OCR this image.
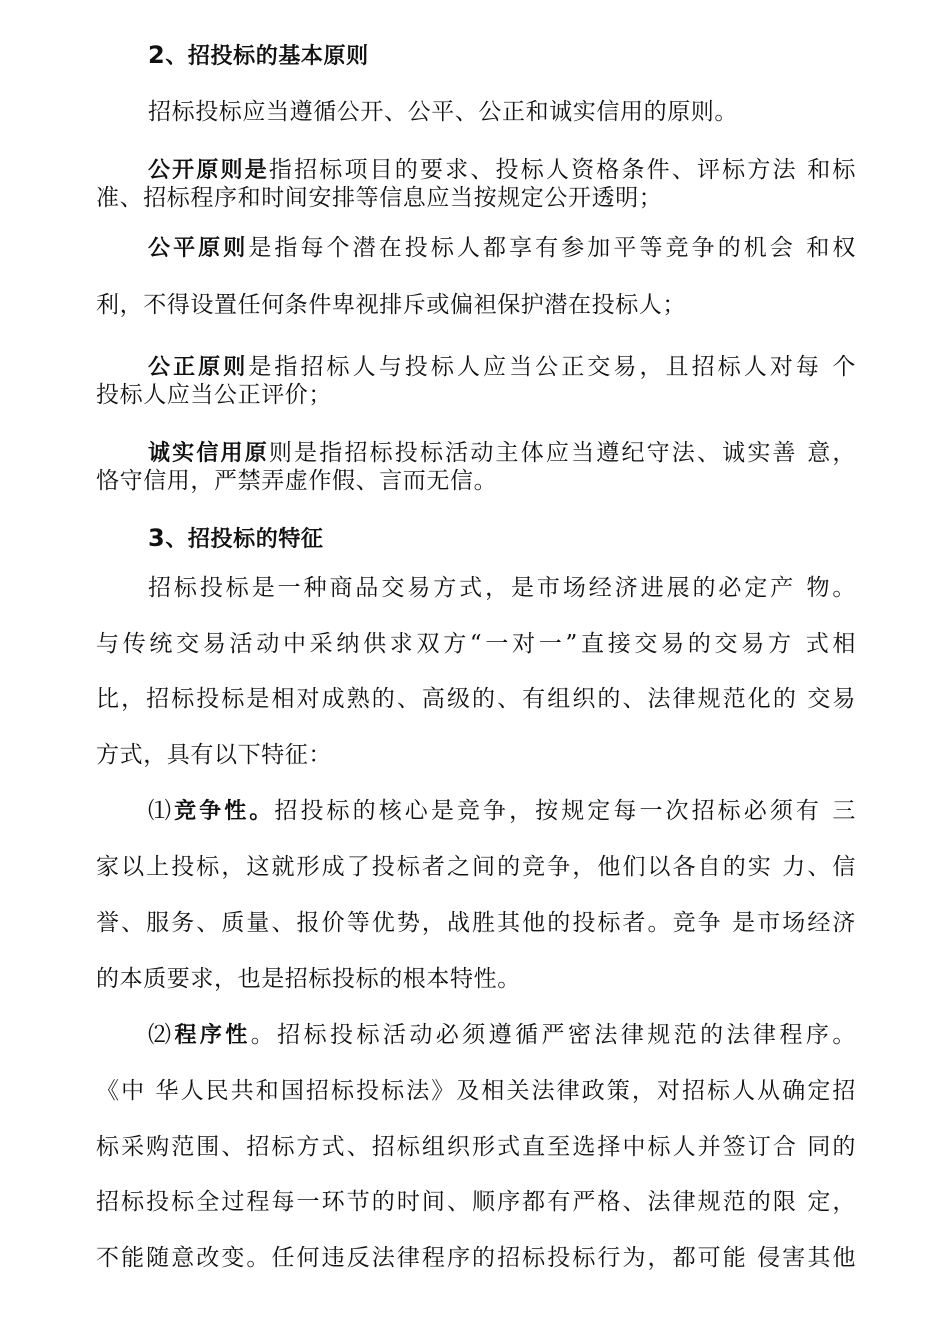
2、招投标的基本原则
招标投标应当遵循公开、公平、公正和诚实信用的原则。
公开原则是指招标项目的要求、投标人资格条件、评标方法 和标
准、招标程序和时间安排等信息应当按规定公开透明；
公平原则是指每个潜在投标人都享有参加平等竞争的机会 和权
利，不得设置任何条件卑视排斥或偏袒保护潜在投标人；
公正原则是指招标人与投标人应当公正交易，且招标人对每 个
投标人应当公正评价；
诚实信用原则是指招标投标活动主体应当遵纪守法、诚实善 意，
恪守信用，严禁弄虚作假、言而无信。
3、招投标的特征
招标投标是一种商品交易方式，是市场经济进展的必定产 物。
与传统交易活动中采纳供求双方“一对一”直接交易的交易方 式相
比，招标投标是相对成熟的、高级的、有组织的、法律规范化的 交易
方式，具有以下特征：
⑴竞争性。招投标的核心是竞争，按规定每一次招标必须有 三
家以上投标，这就形成了投标者之间的竞争，他们以各自的实 力、信
誉、服务、质量、报价等优势，战胜其他的投标者。竞争 是市场经济
的本质要求，也是招标投标的根本特性。
⑵程序性。招标投标活动必须遵循严密法律规范的法律程序。
《中 华人民共和国招标投标法》及相关法律政策，对招标人从确定招
标采购范围、招标方式、招标组织形式直至选择中标人并签订合 同的
招标投标全过程每一环节的时间、顺序都有严格、法律规范的限 定，
不能随意改变。任何违反法律程序的招标投标行为，都可能 侵害其他
